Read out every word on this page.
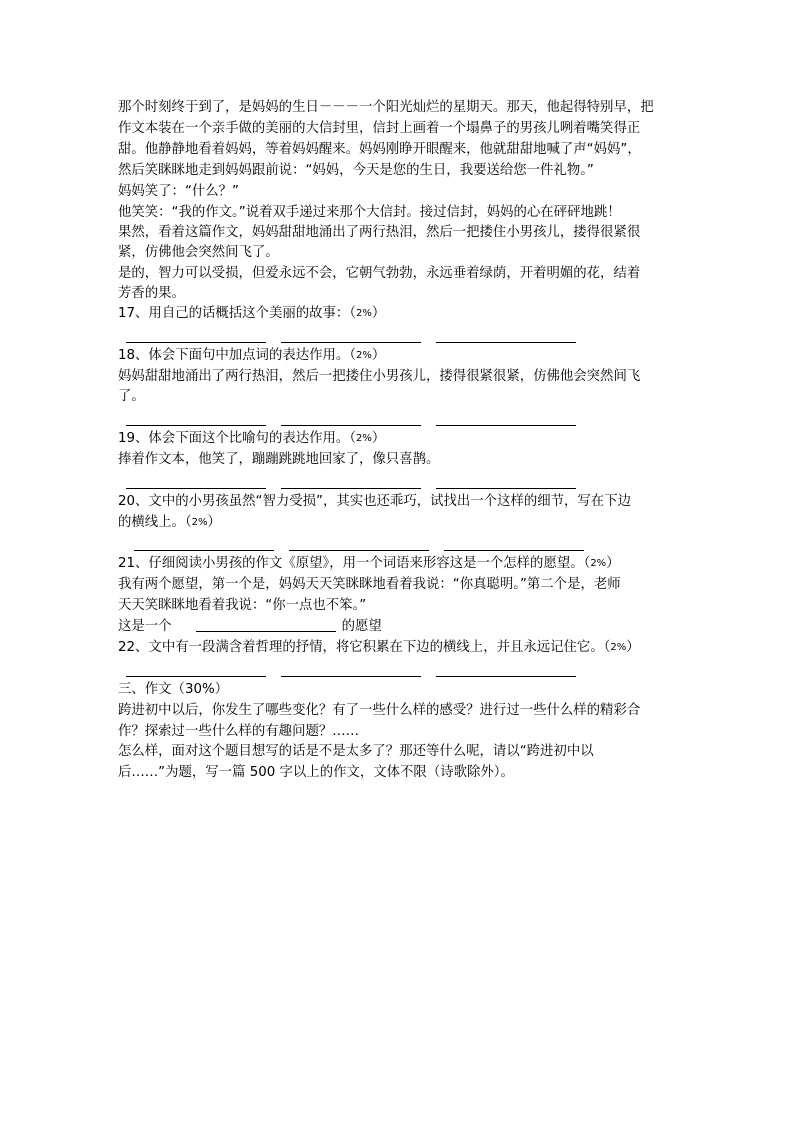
那个时刻终于到了，是妈妈的生日－－－一个阳光灿烂的星期天。那天，他起得特别早，把
作文本装在一个亲手做的美丽的大信封里，信封上画着一个塌鼻子的男孩儿咧着嘴笑得正
甜。他静静地看着妈妈，等着妈妈醒来。妈妈刚睁开眼醒来，他就甜甜地喊了声“妈妈”，
然后笑眯眯地走到妈妈跟前说：“妈妈，今天是您的生日，我要送给您一件礼物。”
妈妈笑了：“什么？”
他笑笑：“我的作文。”说着双手递过来那个大信封。接过信封，妈妈的心在砰砰地跳！
果然，看着这篇作文，妈妈甜甜地涌出了两行热泪，然后一把搂住小男孩儿，搂得很紧很
紧，仿佛他会突然间飞了。
是的，智力可以受损，但爱永远不会，它朝气勃勃，永远垂着绿荫，开着明媚的花，结着
芳香的果。
17、用自己的话概括这个美丽的故事：（2%）
18、体会下面句中加点词的表达作用。（2%）
妈妈甜甜地涌出了两行热泪，然后一把搂住小男孩儿，搂得很紧很紧，仿佛他会突然间飞
了。
19、体会下面这个比喻句的表达作用。（2%）
捧着作文本，他笑了，蹦蹦跳跳地回家了，像只喜鹊。
20、文中的小男孩虽然“智力受损”，其实也还乖巧，试找出一个这样的细节，写在下边
的横线上。（2%）
21、仔细阅读小男孩的作文《原望》，用一个词语来形容这是一个怎样的愿望。（2%）
我有两个愿望，第一个是，妈妈天天笑眯眯地看着我说：“你真聪明。”第二个是，老师
天天笑眯眯地看着我说：“你一点也不笨。”
这是一个	的愿望
22、文中有一段满含着哲理的抒情，将它积累在下边的横线上，并且永远记住它。（2%）
三、作文（30%）
跨进初中以后，你发生了哪些变化？有了一些什么样的感受？进行过一些什么样的精彩合
作？探索过一些什么样的有趣问题？……
怎么样，面对这个题目想写的话是不是太多了？那还等什么呢，请以“跨进初中以
后……”为题，写一篇 500 字以上的作文，文体不限（诗歌除外）。
